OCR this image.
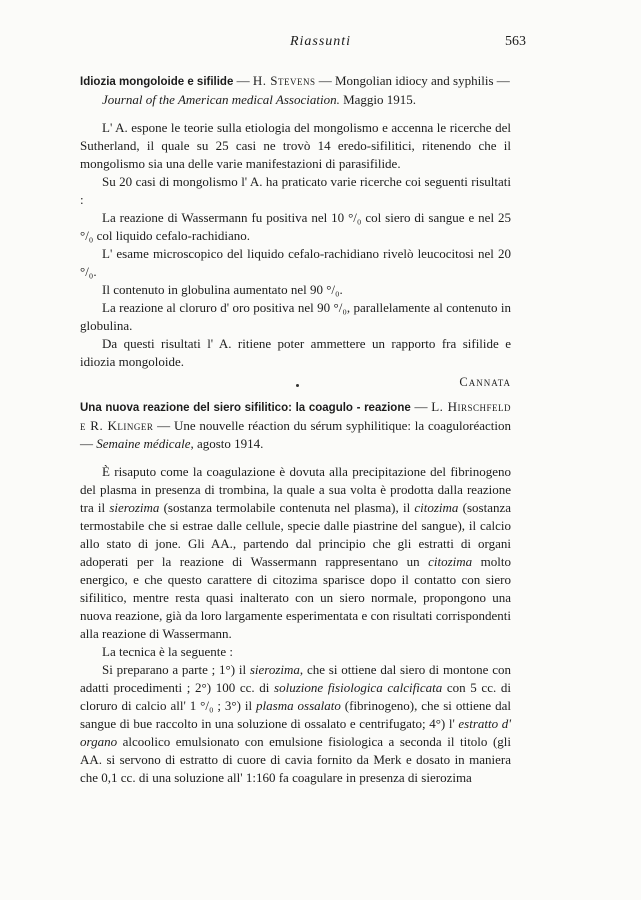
Riassunti	563

Idiozia mongoloide e sifilide — H. Stevens — Mongolian idiocy and syphilis —

Journal of the American medical Association. Maggio 1915.

L' A. espone le teorie sulla etiologia del mongolismo e accenna le ricerche del Sutherland, il quale su 25 casi ne trovò 14 eredo-sifilitici, ritenendo che il mongolismo sia una delle varie manifestazioni di parasifilide.

Su 20 casi di mongolismo l' A. ha praticato varie ricerche coi seguenti risultati :

La reazione di Wassermann fu positiva nel 10 °/₀ col siero di sangue e nel 25 °/₀ col liquido cefalo-rachidiano.

L' esame microscopico del liquido cefalo-rachidiano rivelò leucocitosi nel 20 °/₀.

Il contenuto in globulina aumentato nel 90 °/₀.

La reazione al cloruro d' oro positiva nel 90 °/₀, parallelamente al contenuto in globulina.

Da questi risultati l' A. ritiene poter ammettere un rapporto fra sifilide e idiozia mongoloide.

Cannata

Una nuova reazione del siero sifilitico: la coagulo - reazione — L. Hirschfeld e R. Klinger — Une nouvelle réaction du sérum syphilitique: la coaguloréaction — Semaine médicale, agosto 1914.

È risaputo come la coagulazione è dovuta alla precipitazione del fibrinogeno del plasma in presenza di trombina, la quale a sua volta è prodotta dalla reazione tra il sierozima (sostanza termolabile contenuta nel plasma), il citozima (sostanza termostabile che si estrae dalle cellule, specie dalle piastrine del sangue), il calcio allo stato di jone. Gli AA., partendo dal principio che gli estratti di organi adoperati per la reazione di Wassermann rappresentano un citozima molto energico, e che questo carattere di citozima sparisce dopo il contatto con siero sifilitico, mentre resta quasi inalterato con un siero normale, propongono una nuova reazione, già da loro largamente esperimentata e con risultati corrispondenti alla reazione di Wassermann.

La tecnica è la seguente :

Si preparano a parte ; 1°) il sierozima, che si ottiene dal siero di montone con adatti procedimenti ; 2°) 100 cc. di soluzione fisiologica calcificata con 5 cc. di cloruro di calcio all' 1 °/₀ ; 3°) il plasma ossalato (fibrinogeno), che si ottiene dal sangue di bue raccolto in una soluzione di ossalato e centrifugato; 4°) l' estratto d' organo alcoolico emulsionato con emulsione fisiologica a seconda il titolo (gli AA. si servono di estratto di cuore di cavia fornito da Merk e dosato in maniera che 0,1 cc. di una soluzione all' 1:160 fa coagulare in presenza di sierozima
